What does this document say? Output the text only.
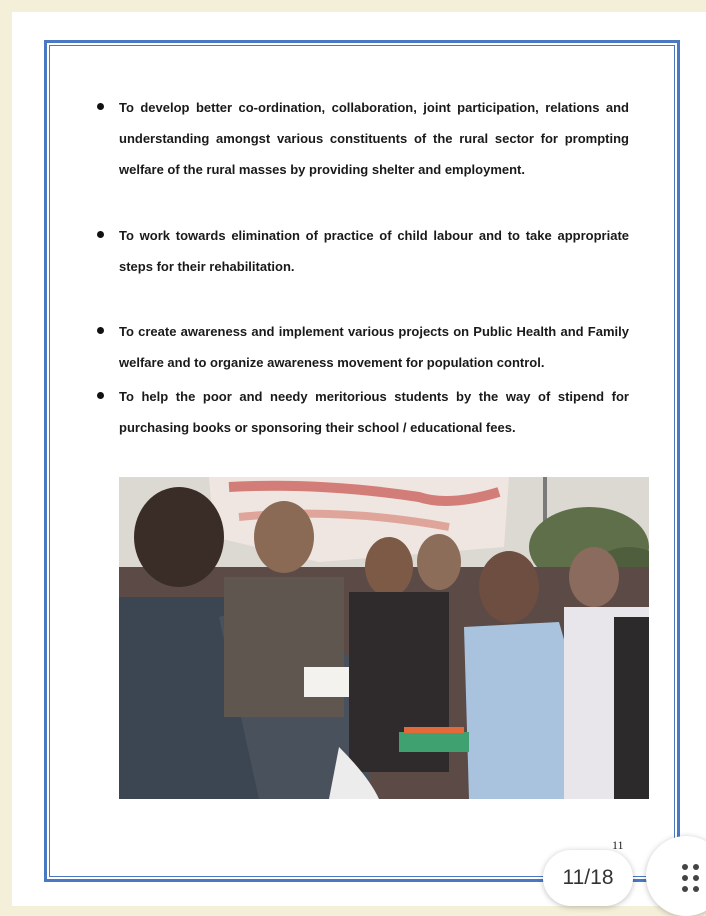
To develop better co-ordination, collaboration, joint participation, relations and understanding amongst various constituents of the rural sector for prompting welfare of the rural masses by providing shelter and employment.
To work towards elimination of practice of child labour and to take appropriate steps for their rehabilitation.
To create awareness and implement various projects on Public Health and Family welfare and to organize awareness movement for population control.
To help the poor and needy meritorious students by the way of stipend for purchasing books or sponsoring their school / educational fees.
11
11/18
